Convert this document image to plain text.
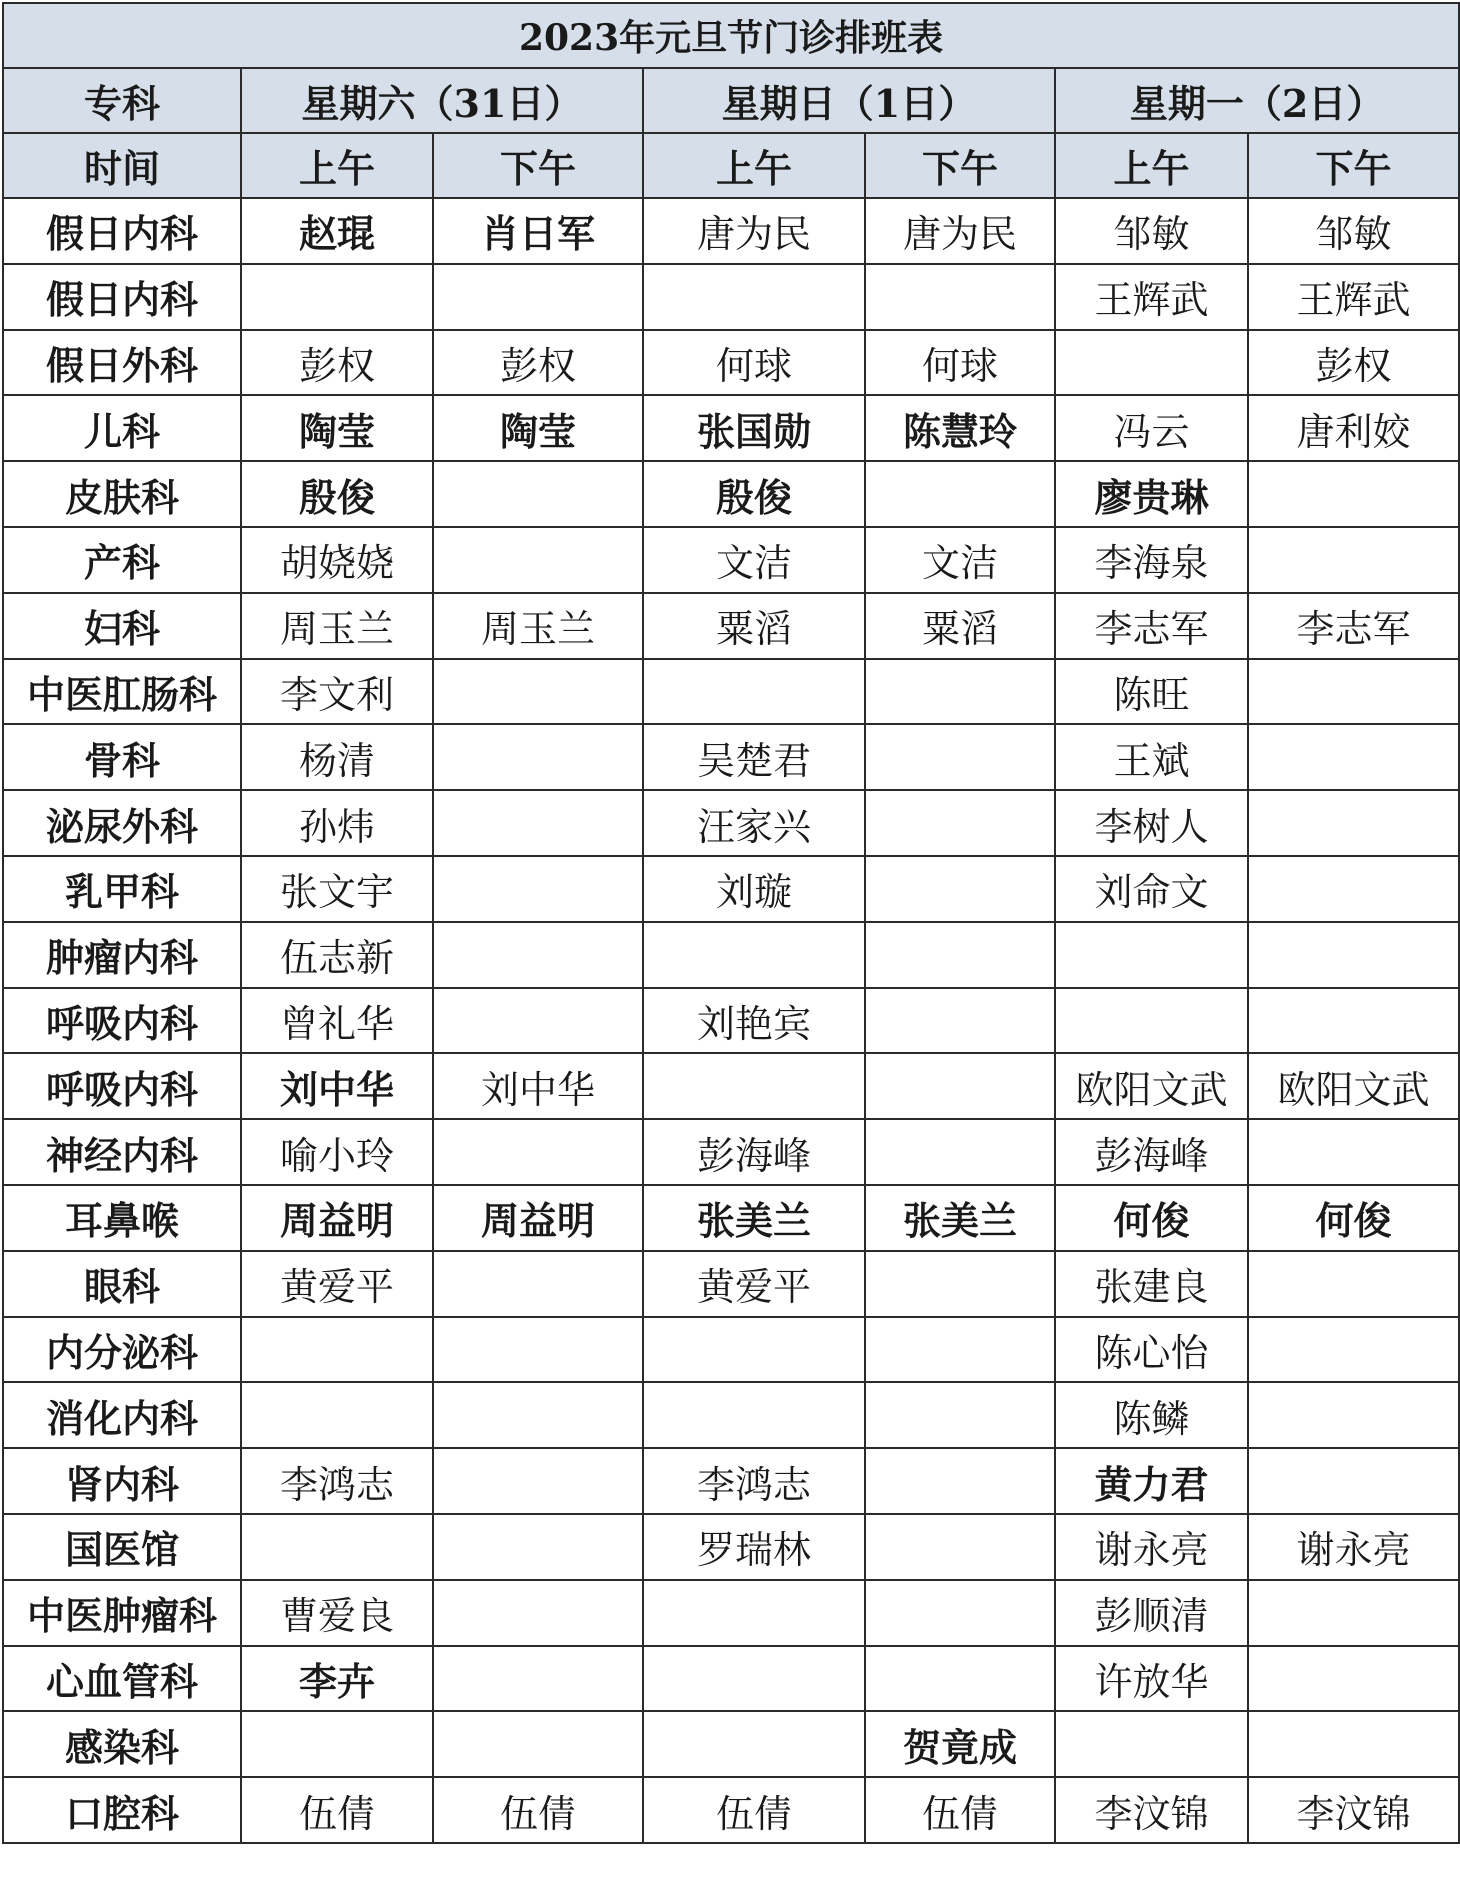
2023年元旦节门诊排班表						
专科	星期六（31日）		星期日（1日）		星期一（2日）	
时间	上午	下午	上午	下午	上午	下午
假日内科	赵琨	肖日军	唐为民	唐为民	邹敏	邹敏
假日内科					王辉武	王辉武
假日外科	彭权	彭权	何球	何球		彭权
儿科	陶莹	陶莹	张国勋	陈慧玲	冯云	唐利姣
皮肤科	殷俊		殷俊		廖贵琳	
产科	胡娆娆		文洁	文洁	李海泉	
妇科	周玉兰	周玉兰	粟滔	粟滔	李志军	李志军
中医肛肠科	李文利				陈旺	
骨科	杨清		吴楚君		王斌	
泌尿外科	孙炜		汪家兴		李树人	
乳甲科	张文宇		刘璇		刘命文	
肿瘤内科	伍志新					
呼吸内科	曾礼华		刘艳宾			
呼吸内科	刘中华	刘中华			欧阳文武	欧阳文武
神经内科	喻小玲		彭海峰		彭海峰	
耳鼻喉	周益明	周益明	张美兰	张美兰	何俊	何俊
眼科	黄爱平		黄爱平		张建良	
内分泌科					陈心怡	
消化内科					陈鳞	
肾内科	李鸿志		李鸿志		黄力君	
国医馆			罗瑞林		谢永亮	谢永亮
中医肿瘤科	曹爱良				彭顺清	
心血管科	李卉				许放华	
感染科				贺竟成		
口腔科	伍倩	伍倩	伍倩	伍倩	李汶锦	李汶锦
